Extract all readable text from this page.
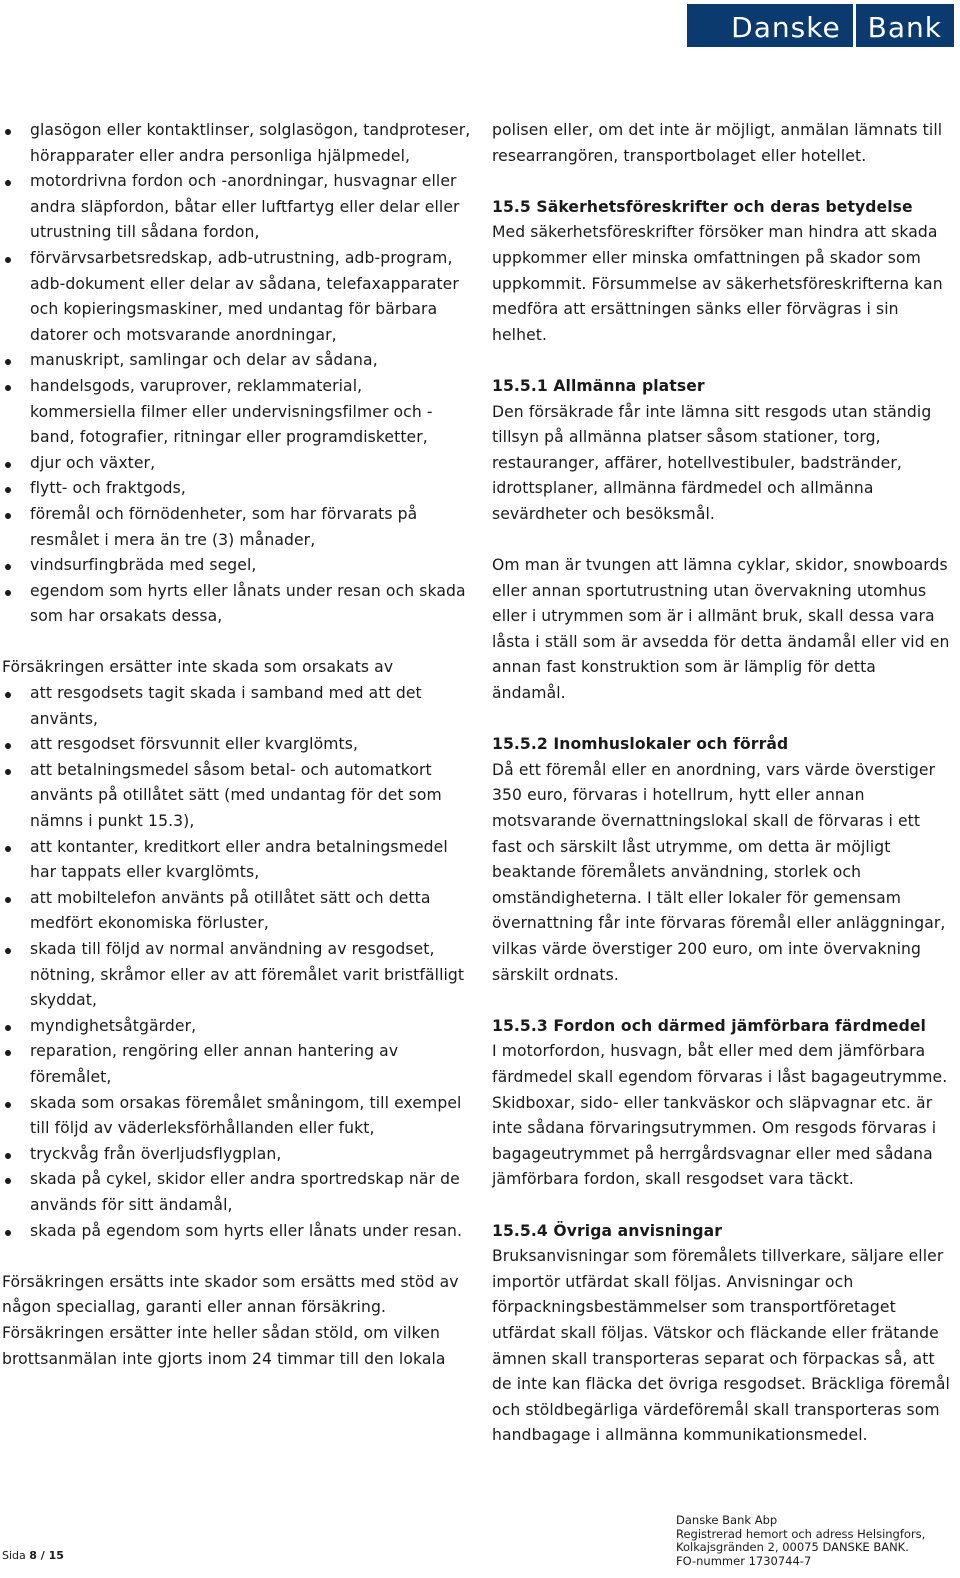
Danske Bank
glasögon eller kontaktlinser, solglasögon, tandproteser, hörapparater eller andra personliga hjälpmedel,
motordrivna fordon och -anordningar, husvagnar eller andra släpfordon, båtar eller luftfartyg eller delar eller utrustning till sådana fordon,
förvärvsarbetsredskap, adb-utrustning, adb-program, adb-dokument eller delar av sådana, telefaxapparater och kopieringsmaskiner, med undantag för bärbara datorer och motsvarande anordningar,
manuskript, samlingar och delar av sådana,
handelsgods, varuprover, reklammaterial, kommersiella filmer eller undervisningsfilmer och -band, fotografier, ritningar eller programdisketter,
djur och växter,
flytt- och fraktgods,
föremål och förnödenheter, som har förvarats på resmålet i mera än tre (3) månader,
vindsurfingbräda med segel,
egendom som hyrts eller lånats under resan och skada som har orsakats dessa,

Försäkringen ersätter inte skada som orsakats av

att resgodsets tagit skada i samband med att det använts,
att resgodset försvunnit eller kvarglömts,
att betalningsmedel såsom betal- och automatkort använts på otillåtet sätt (med undantag för det som nämns i punkt 15.3),
att kontanter, kreditkort eller andra betalningsmedel har tappats eller kvarglömts,
att mobiltelefon använts på otillåtet sätt och detta medfört ekonomiska förluster,
skada till följd av normal användning av resgodset, nötning, skråmor eller av att föremålet varit bristfälligt skyddat,
myndighetsåtgärder,
reparation, rengöring eller annan hantering av föremålet,
skada som orsakas föremålet småningom, till exempel till följd av väderleksförhållanden eller fukt,
tryckvåg från överljudsflygplan,
skada på cykel, skidor eller andra sportredskap när de används för sitt ändamål,
skada på egendom som hyrts eller lånats under resan.

Försäkringen ersätts inte skador som ersätts med stöd av någon speciallag, garanti eller annan försäkring. Försäkringen ersätter inte heller sådan stöld, om vilken brottsanmälan inte gjorts inom 24 timmar till den lokala

polisen eller, om det inte är möjligt, anmälan lämnats till researrangören, transportbolaget eller hotellet.

15.5 Säkerhetsföreskrifter och deras betydelse

Med säkerhetsföreskrifter försöker man hindra att skada uppkommer eller minska omfattningen på skador som uppkommit. Försummelse av säkerhetsföreskrifterna kan medföra att ersättningen sänks eller förvägras i sin helhet.

15.5.1 Allmänna platser

Den försäkrade får inte lämna sitt resgods utan ständig tillsyn på allmänna platser såsom stationer, torg, restauranger, affärer, hotellvestibuler, badstränder, idrottsplaner, allmänna färdmedel och allmänna sevärdheter och besöksmål.

Om man är tvungen att lämna cyklar, skidor, snowboards eller annan sportutrustning utan övervakning utomhus eller i utrymmen som är i allmänt bruk, skall dessa vara låsta i ställ som är avsedda för detta ändamål eller vid en annan fast konstruktion som är lämplig för detta ändamål.

15.5.2 Inomhuslokaler och förråd

Då ett föremål eller en anordning, vars värde överstiger 350 euro, förvaras i hotellrum, hytt eller annan motsvarande övernattningslokal skall de förvaras i ett fast och särskilt låst utrymme, om detta är möjligt beaktande föremålets användning, storlek och omständigheterna. I tält eller lokaler för gemensam övernattning får inte förvaras föremål eller anläggningar, vilkas värde överstiger 200 euro, om inte övervakning särskilt ordnats.

15.5.3 Fordon och därmed jämförbara färdmedel

I motorfordon, husvagn, båt eller med dem jämförbara färdmedel skall egendom förvaras i låst bagageutrymme. Skidboxar, sido- eller tankväskor och släpvagnar etc. är inte sådana förvaringsutrymmen. Om resgods förvaras i bagageutrymmet på herrgårdsvagnar eller med sådana jämförbara fordon, skall resgodset vara täckt.

15.5.4 Övriga anvisningar

Bruksanvisningar som föremålets tillverkare, säljare eller importör utfärdat skall följas. Anvisningar och förpackningsbestämmelser som transportföretaget utfärdat skall följas. Vätskor och fläckande eller frätande ämnen skall transporteras separat och förpackas så, att de inte kan fläcka det övriga resgodset. Bräckliga föremål och stöldbegärliga värdeföremål skall transporteras som handbagage i allmänna kommunikationsmedel.

Sida 8 / 15
Danske Bank Abp
Registrerad hemort och adress Helsingfors,
Kolkajsgränden 2, 00075 DANSKE BANK.
FO-nummer 1730744-7
